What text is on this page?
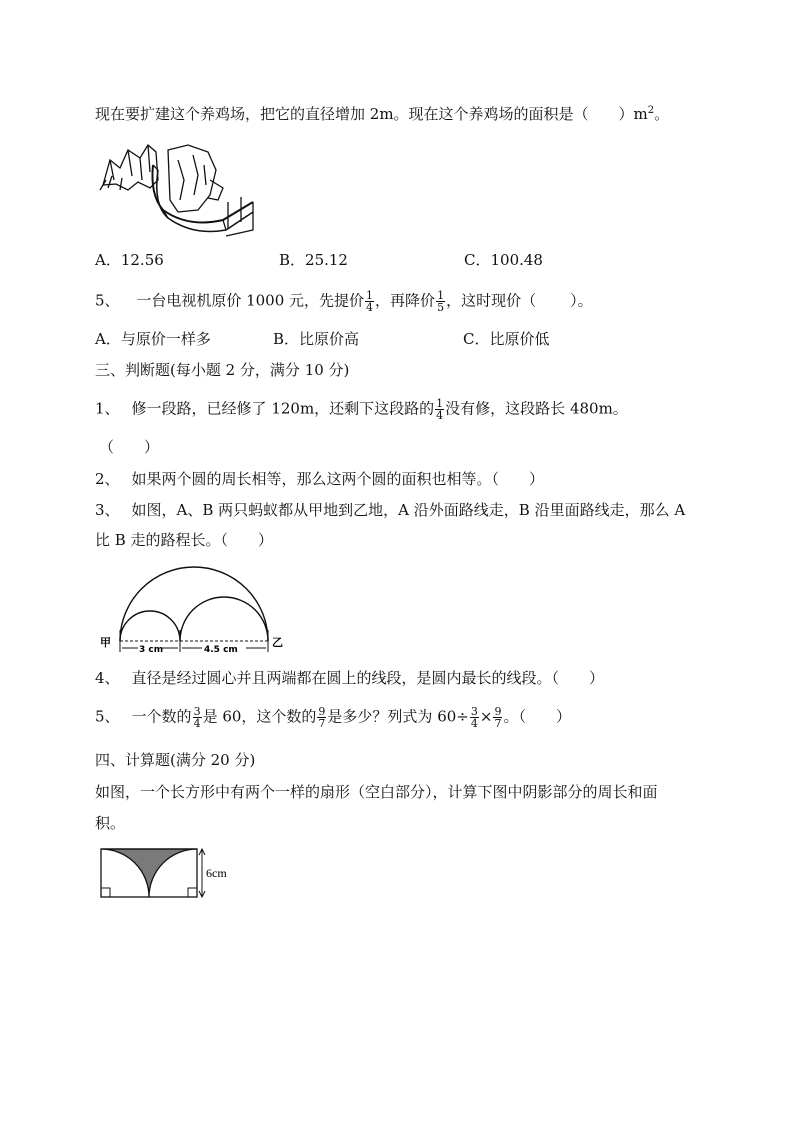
现在要扩建这个养鸡场，把它的直径增加 2m。现在这个养鸡场的面积是（ ）$m^2$。
A．12.56	B．25.12	C．100.48
5、 一台电视机原价 1000 元，先提价 $\frac{1}{4}$ ，再降价 $\frac{1}{5}$ ，这时现价（ ）。
A．与原价一样多	B．比原价高	C．比原价低
三、判断题(每小题 2 分，满分 10 分)
1、 修一段路，已经修了 120m，还剩下这段路的 $\frac{1}{4}$ 没有修，这段路长 480m。
（　　）
2、 如果两个圆的周长相等，那么这两个圆的面积也相等。（　　）
3、 如图，A、B 两只蚂蚁都从甲地到乙地，A 沿外面路线走，B 沿里面路线走，那么 A
比 B 走的路程长。（　　）
甲	乙
3 cm	4.5 cm
4、 直径是经过圆心并且两端都在圆上的线段，是圆内最长的线段。（　　）
5、 一个数的 $\frac{3}{4}$ 是 60，这个数的 $\frac{9}{7}$ 是多少？列式为 $60\div \frac{3}{4} \times \frac{9}{7}$ 。（　　）
四、计算题(满分 20 分)
如图，一个长方形中有两个一样的扇形（空白部分），计算下图中阴影部分的周长和面
积。
6cm
